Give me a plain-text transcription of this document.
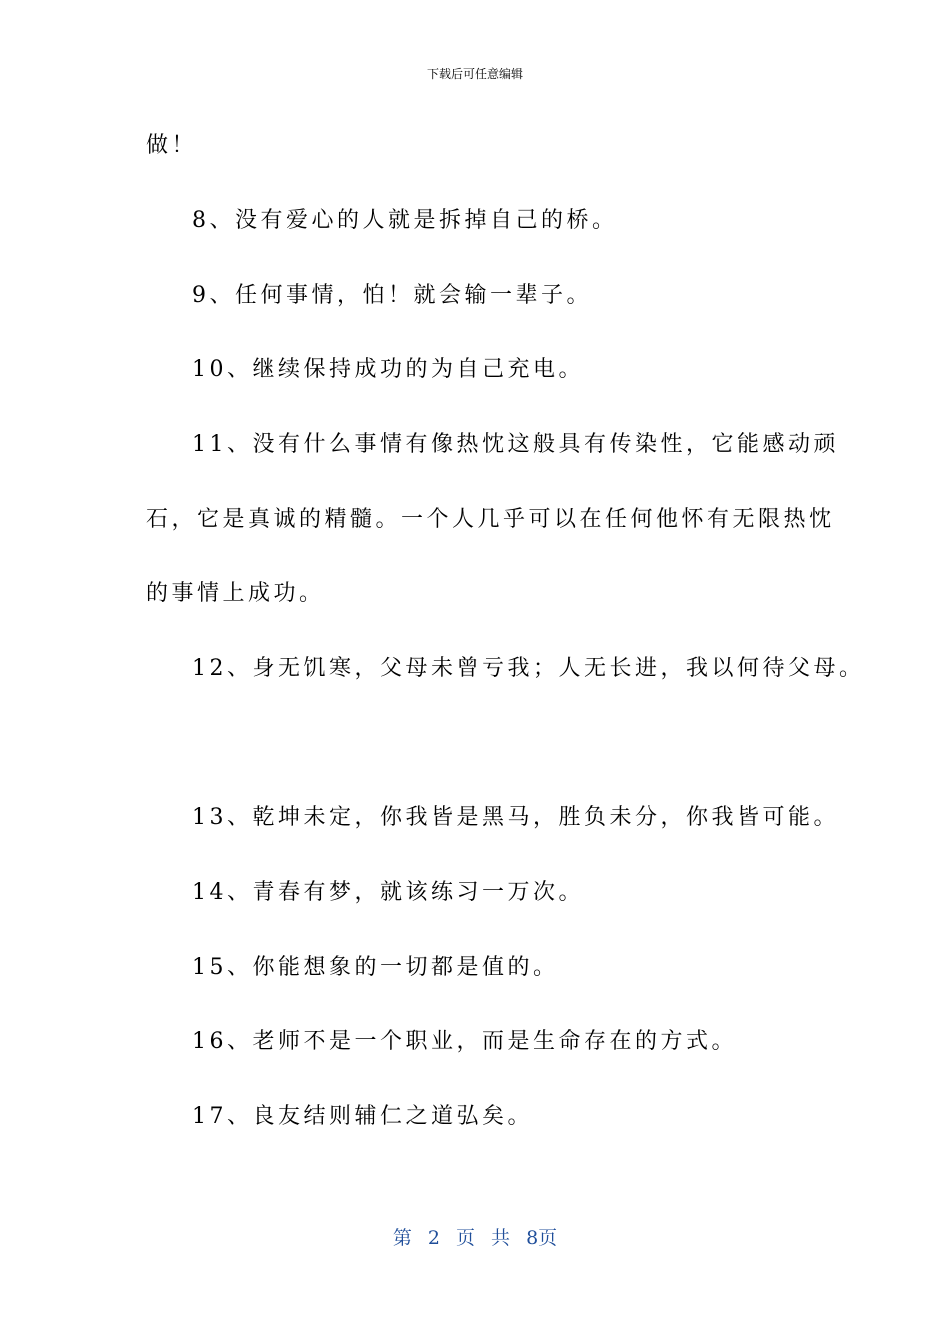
下载后可任意编辑
做！
8、没有爱心的人就是拆掉自己的桥。
9、任何事情，怕！就会输一辈子。
10、继续保持成功的为自己充电。
11、没有什么事情有像热忱这般具有传染性，它能感动顽
石，它是真诚的精髓。一个人几乎可以在任何他怀有无限热忱
的事情上成功。
12、身无饥寒，父母未曾亏我；人无长进，我以何待父母。
13、乾坤未定，你我皆是黑马，胜负未分，你我皆可能。
14、青春有梦，就该练习一万次。
15、你能想象的一切都是值的。
16、老师不是一个职业，而是生命存在的方式。
17、良友结则辅仁之道弘矣。
第 2 页 共 8页
